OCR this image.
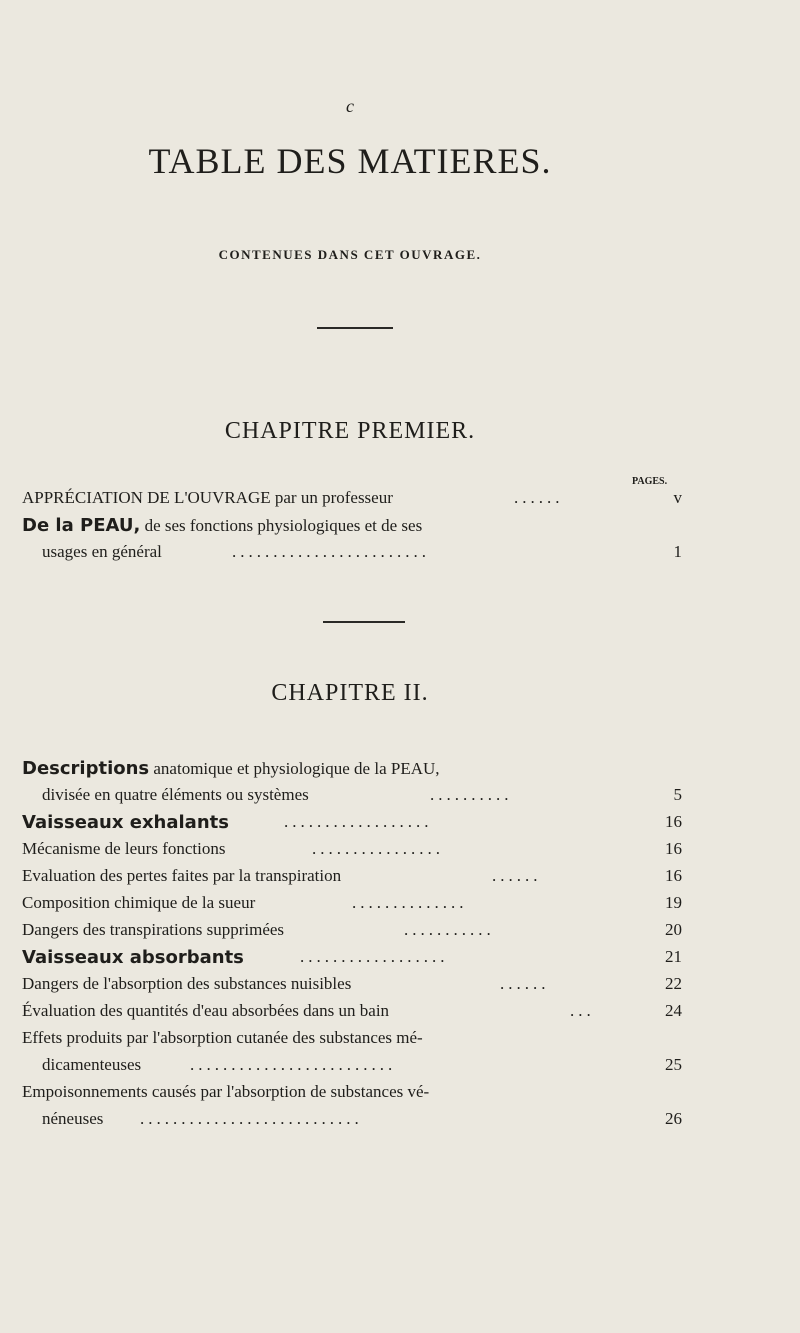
c
TABLE DES MATIERES.
CONTENUES DANS CET OUVRAGE.
CHAPITRE PREMIER.
PAGES.
APPRÉCIATION DE L'OUVRAGE par un professeur	......	v
De la PEAU, de ses fonctions physiologiques et de ses
usages en général	........................	1
CHAPITRE II.
Descriptions anatomique et physiologique de la PEAU,
divisée en quatre éléments ou systèmes	..........	5
Vaisseaux exhalants	..................	16
Mécanisme de leurs fonctions	................	16
Evaluation des pertes faites par la transpiration	......	16
Composition chimique de la sueur	..............	19
Dangers des transpirations supprimées	...........	20
Vaisseaux absorbants	..................	21
Dangers de l'absorption des substances nuisibles	......	22
Évaluation des quantités d'eau absorbées dans un bain	...	24
Effets produits par l'absorption cutanée des substances mé-
dicamenteuses	.........................	25
Empoisonnements causés par l'absorption de substances vé-
néneuses ...........................	26
